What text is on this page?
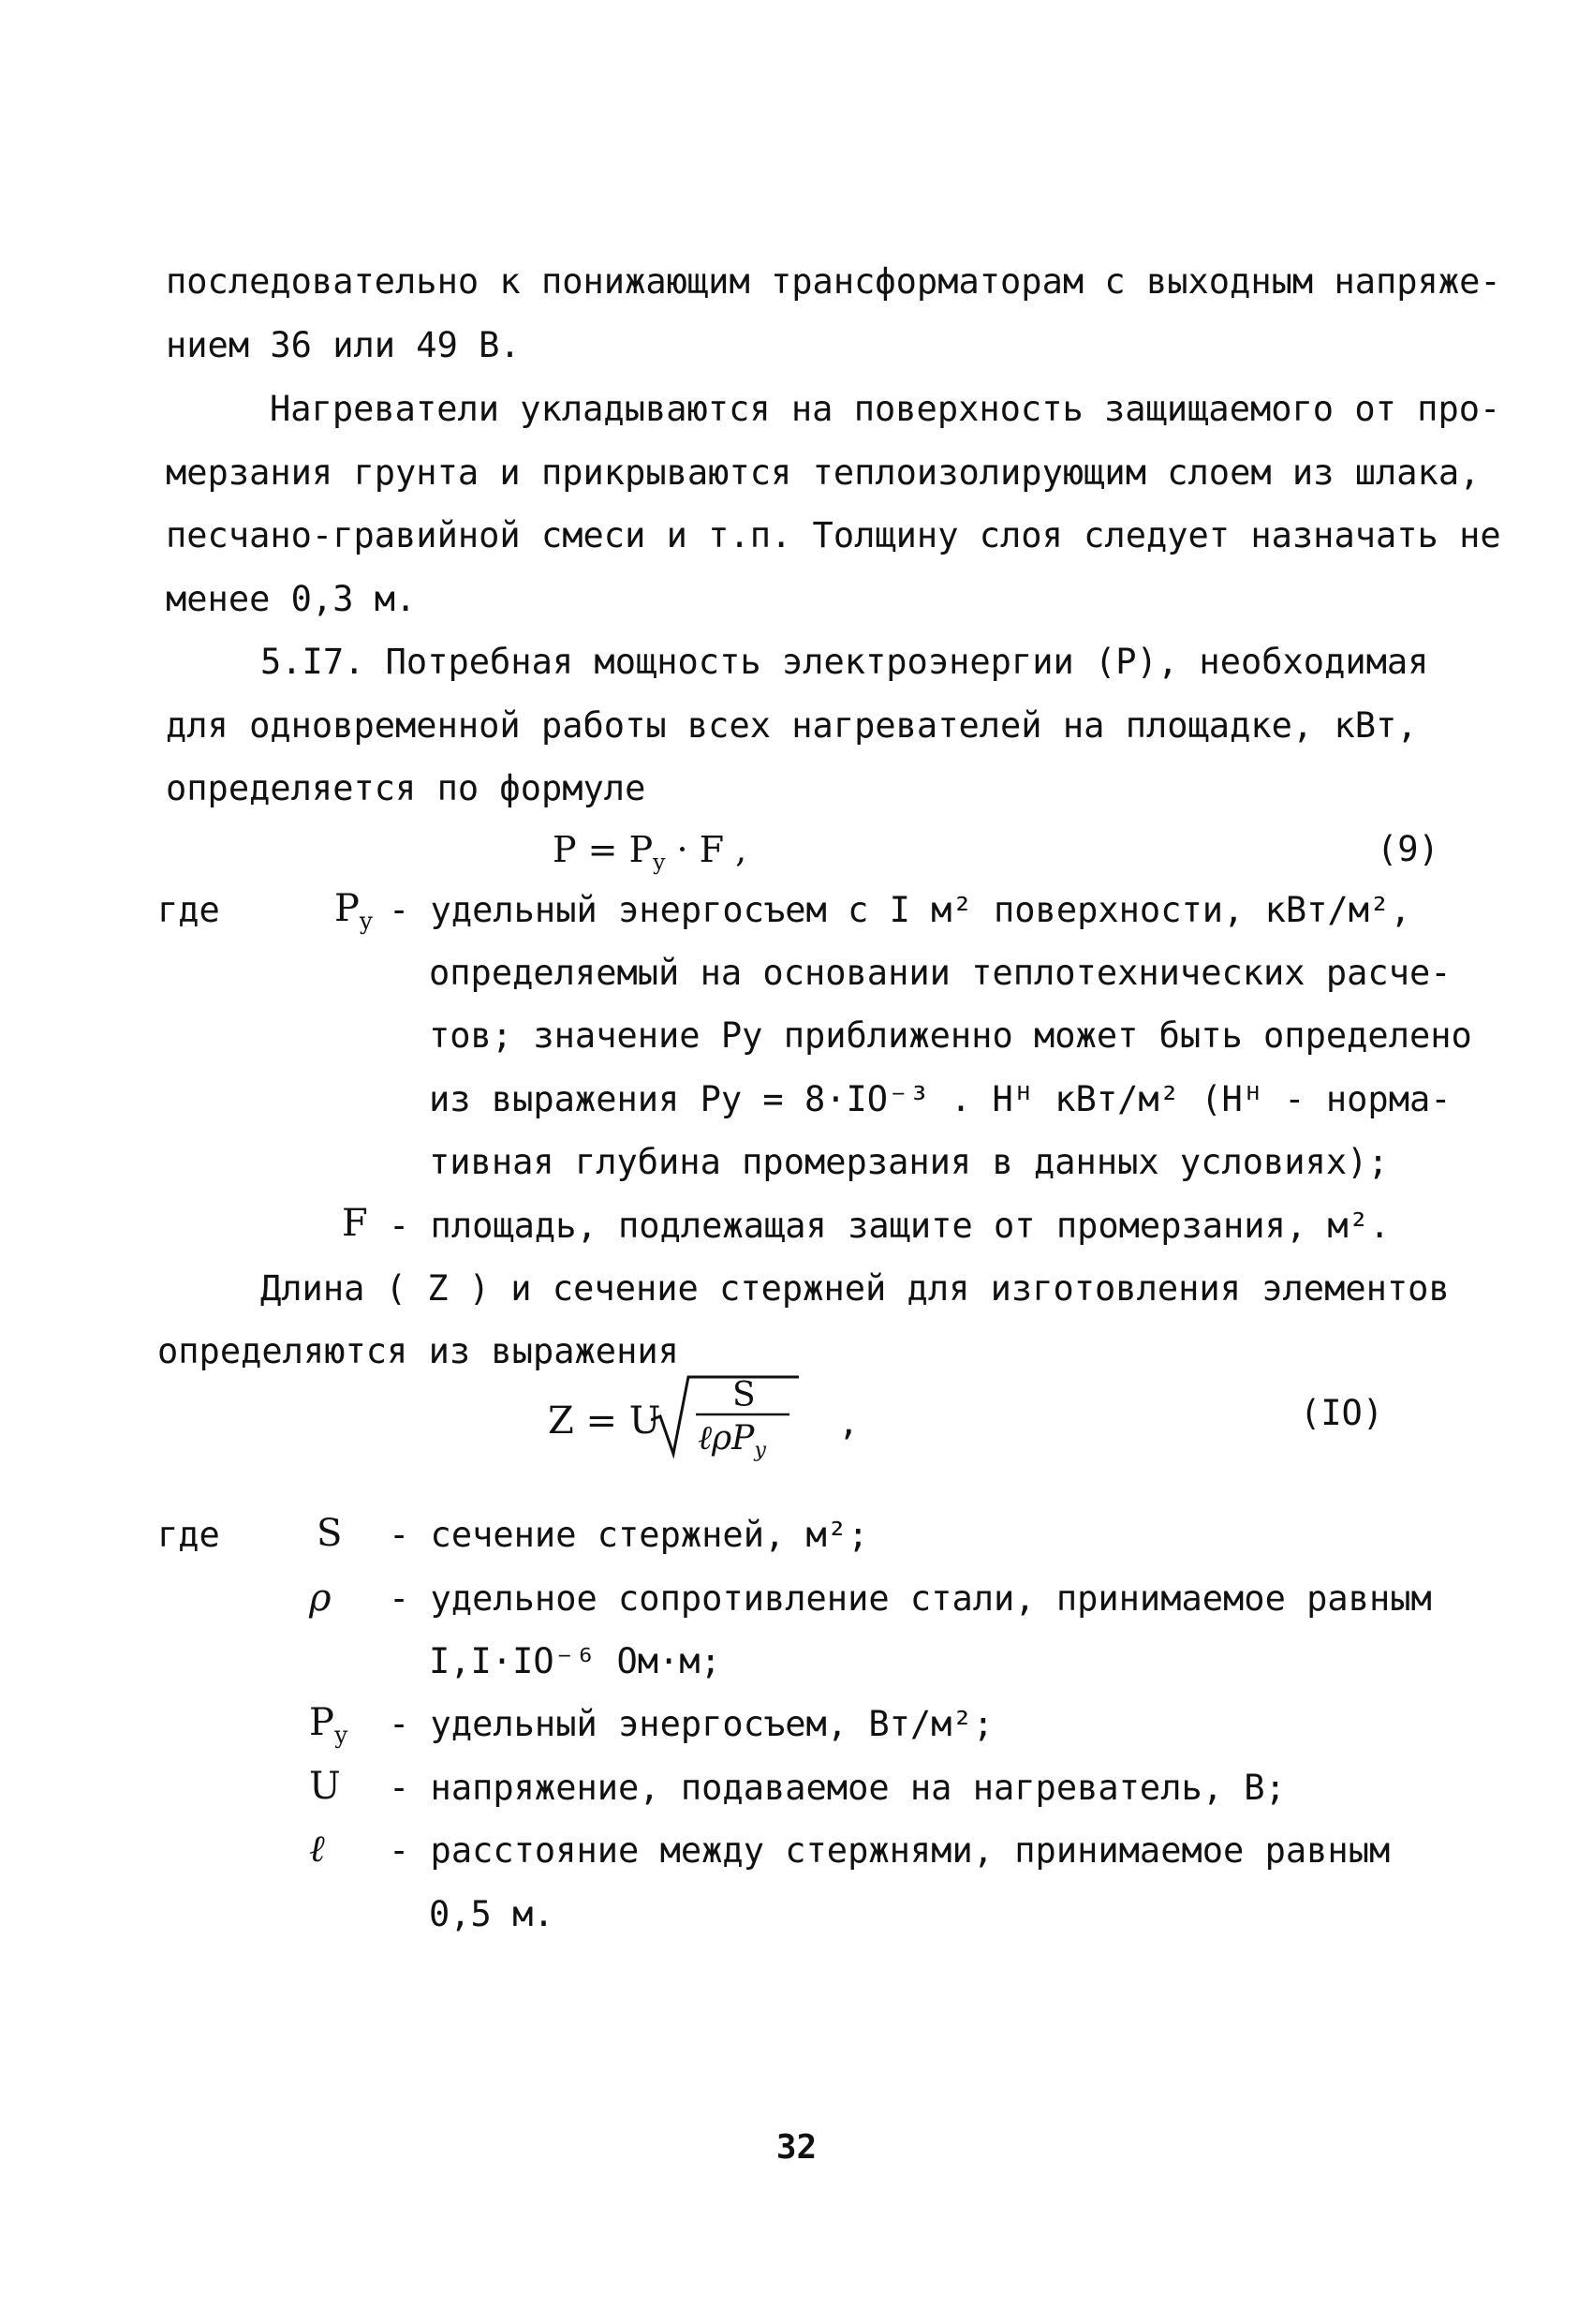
последовательно к понижающим трансформаторам с выходным напряже-
нием 36 или 49 В.
Нагреватели укладываются на поверхность защищаемого от про-
мерзания грунта и прикрываются теплоизолирующим слоем из шлака,
песчано-гравийной смеси и т.п. Толщину слоя следует назначать не
менее 0,3 м.
5.I7. Потребная мощность электроэнергии (Р), необходимая
для одновременной работы всех нагревателей на площадке, кВт,
определяется по формуле
$P = P_y \cdot F$ ,	(9)
где	$P_y$ - удельный энергосъем с I м² поверхности, кВт/м²,
определяемый на основании теплотехнических расче-
тов; значение Pу приближенно может быть определено
из выражения Pу = 8·IO⁻³ . Hᴴ кВт/м² (Hᴴ - норма-
тивная глубина промерзания в данных условиях);
F - площадь, подлежащая защите от промерзания, м².
Длина ( Z ) и сечение стержней для изготовления элементов
определяются из выражения
Z = U
S
ℓρP$_у$
,	(IO)
где	S - сечение стержней, м²;
ρ - удельное сопротивление стали, принимаемое равным
I,I·IO⁻⁶ Ом·м;
$P_у$ - удельный энергосъем, Вт/м²;
U - напряжение, подаваемое на нагреватель, В;
ℓ - расстояние между стержнями, принимаемое равным
0,5 м.
32
